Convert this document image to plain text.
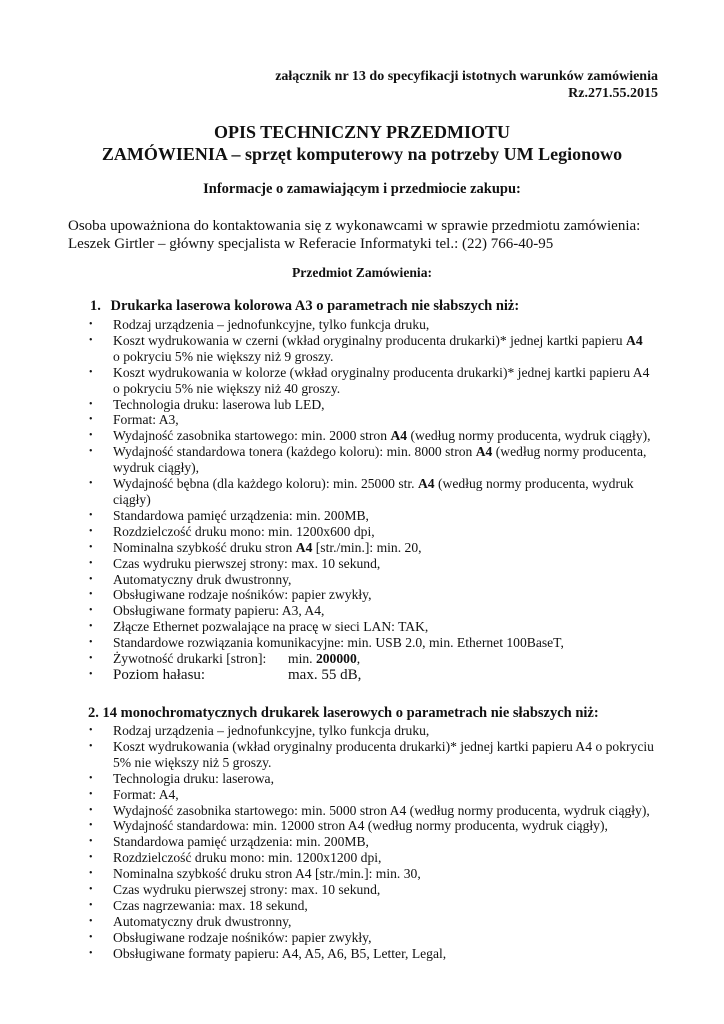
załącznik nr 13 do specyfikacji istotnych warunków zamówienia
Rz.271.55.2015
OPIS TECHNICZNY PRZEDMIOTU
ZAMÓWIENIA – sprzęt komputerowy na potrzeby UM Legionowo
Informacje o zamawiającym i przedmiocie zakupu:
Osoba upoważniona do kontaktowania się z wykonawcami w sprawie przedmiotu zamówienia:
Leszek Girtler – główny specjalista w Referacie Informatyki tel.: (22) 766-40-95
Przedmiot Zamówienia:
1. Drukarka laserowa kolorowa A3 o parametrach nie słabszych niż:
• Rodzaj urządzenia – jednofunkcyjne, tylko funkcja druku,
• Koszt wydrukowania w czerni (wkład oryginalny producenta drukarki)* jednej kartki papieru A4
o pokryciu 5% nie większy niż 9 groszy.
• Koszt wydrukowania w kolorze (wkład oryginalny producenta drukarki)* jednej kartki papieru A4
o pokryciu 5% nie większy niż 40 groszy.
• Technologia druku: laserowa lub LED,
• Format: A3,
• Wydajność zasobnika startowego: min. 2000 stron A4 (według normy producenta, wydruk ciągły),
• Wydajność standardowa tonera (każdego koloru): min. 8000 stron A4 (według normy producenta,
wydruk ciągły),
• Wydajność bębna (dla każdego koloru): min. 25000 str. A4 (według normy producenta, wydruk
ciągły)
• Standardowa pamięć urządzenia: min. 200MB,
• Rozdzielczość druku mono: min. 1200x600 dpi,
• Nominalna szybkość druku stron A4 [str./min.]: min. 20,
• Czas wydruku pierwszej strony: max. 10 sekund,
• Automatyczny druk dwustronny,
• Obsługiwane rodzaje nośników: papier zwykły,
• Obsługiwane formaty papieru: A3, A4,
• Złącze Ethernet pozwalające na pracę w sieci LAN: TAK,
• Standardowe rozwiązania komunikacyjne: min. USB 2.0, min. Ethernet 100BaseT,
• Żywotność drukarki [stron]: min. 200000,
• Poziom hałasu:	max. 55 dB,
2. 14 monochromatycznych drukarek laserowych o parametrach nie słabszych niż:
• Rodzaj urządzenia – jednofunkcyjne, tylko funkcja druku,
• Koszt wydrukowania (wkład oryginalny producenta drukarki)* jednej kartki papieru A4 o pokryciu
5% nie większy niż 5 groszy.
• Technologia druku: laserowa,
• Format: A4,
• Wydajność zasobnika startowego: min. 5000 stron A4 (według normy producenta, wydruk ciągły),
• Wydajność standardowa: min. 12000 stron A4 (według normy producenta, wydruk ciągły),
• Standardowa pamięć urządzenia: min. 200MB,
• Rozdzielczość druku mono: min. 1200x1200 dpi,
• Nominalna szybkość druku stron A4 [str./min.]: min. 30,
• Czas wydruku pierwszej strony: max. 10 sekund,
• Czas nagrzewania: max. 18 sekund,
• Automatyczny druk dwustronny,
• Obsługiwane rodzaje nośników: papier zwykły,
• Obsługiwane formaty papieru: A4, A5, A6, B5, Letter, Legal,
